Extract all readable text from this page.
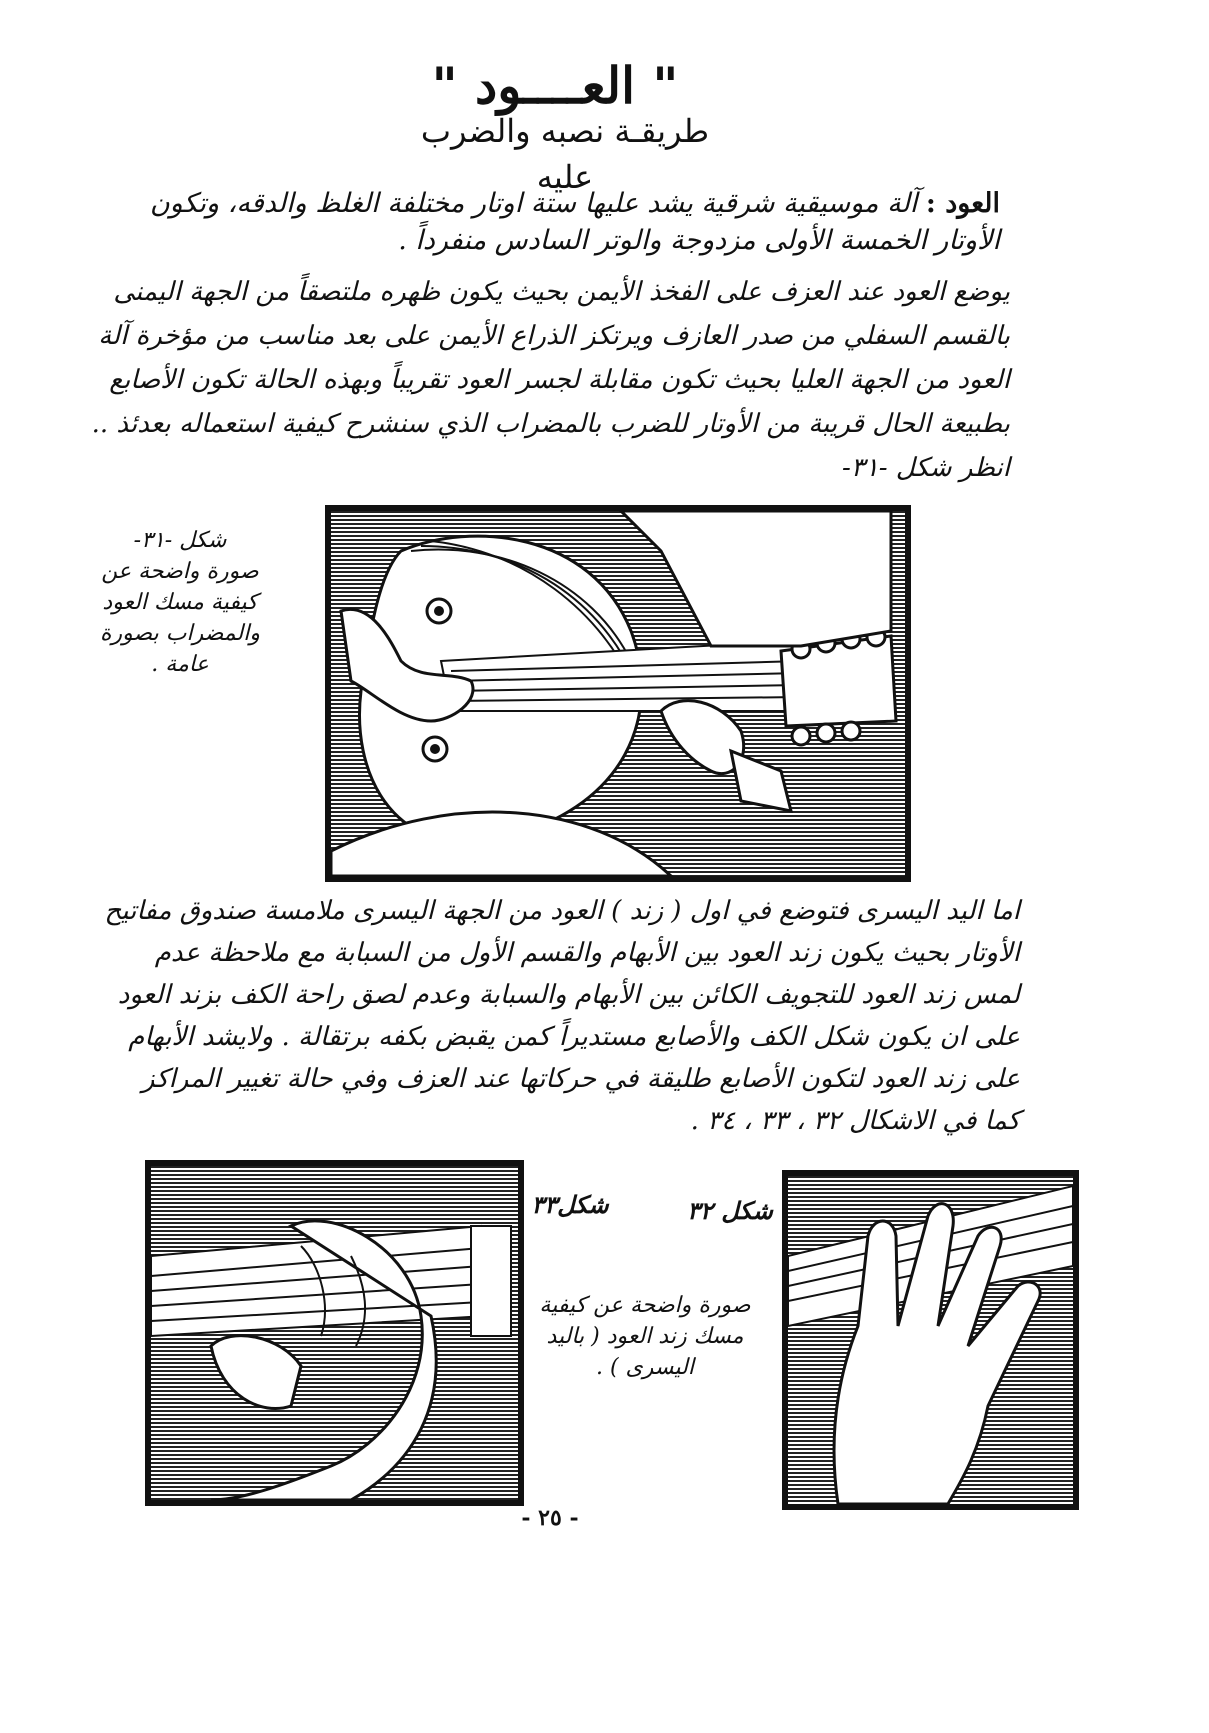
" العــــود "
طريقـة نصبه والضرب عليه
العود : آلة موسيقية شرقية يشد عليها ستة اوتار مختلفة الغلظ والدقه، وتكون الأوتار الخمسة الأولى مزدوجة والوتر السادس منفرداً .
يوضع العود عند العزف على الفخذ الأيمن بحيث يكون ظهره ملتصقاً من الجهة اليمنى بالقسم السفلي من صدر العازف ويرتكز الذراع الأيمن على بعد مناسب من مؤخرة آلة العود من الجهة العليا بحيث تكون مقابلة لجسر العود تقريباً وبهذه الحالة تكون الأصابع بطبيعة الحال قريبة من الأوتار للضرب بالمضراب الذي سنشرح كيفية استعماله بعدئذ .. انظر شكل -٣١-
شكل -٣١-
صورة واضحة عن كيفية مسك العود والمضراب بصورة عامة .
اما اليد اليسرى فتوضع في اول ( زند ) العود من الجهة اليسرى ملامسة صندوق مفاتيح الأوتار بحيث يكون زند العود بين الأبهام والقسم الأول من السبابة مع ملاحظة عدم لمس زند العود للتجويف الكائن بين الأبهام والسبابة وعدم لصق راحة الكف بزند العود على ان يكون شكل الكف والأصابع مستديراً كمن يقبض بكفه برتقالة . ولايشد الأبهام على زند العود لتكون الأصابع طليقة في حركاتها عند العزف وفي حالة تغيير المراكز كما في الاشكال ٣٢ ، ٣٣ ، ٣٤ .
شكل٣٣	شكل ٣٢
صورة واضحة عن كيفية مسك زند العود ( باليد اليسرى ) .
- ٢٥ -
